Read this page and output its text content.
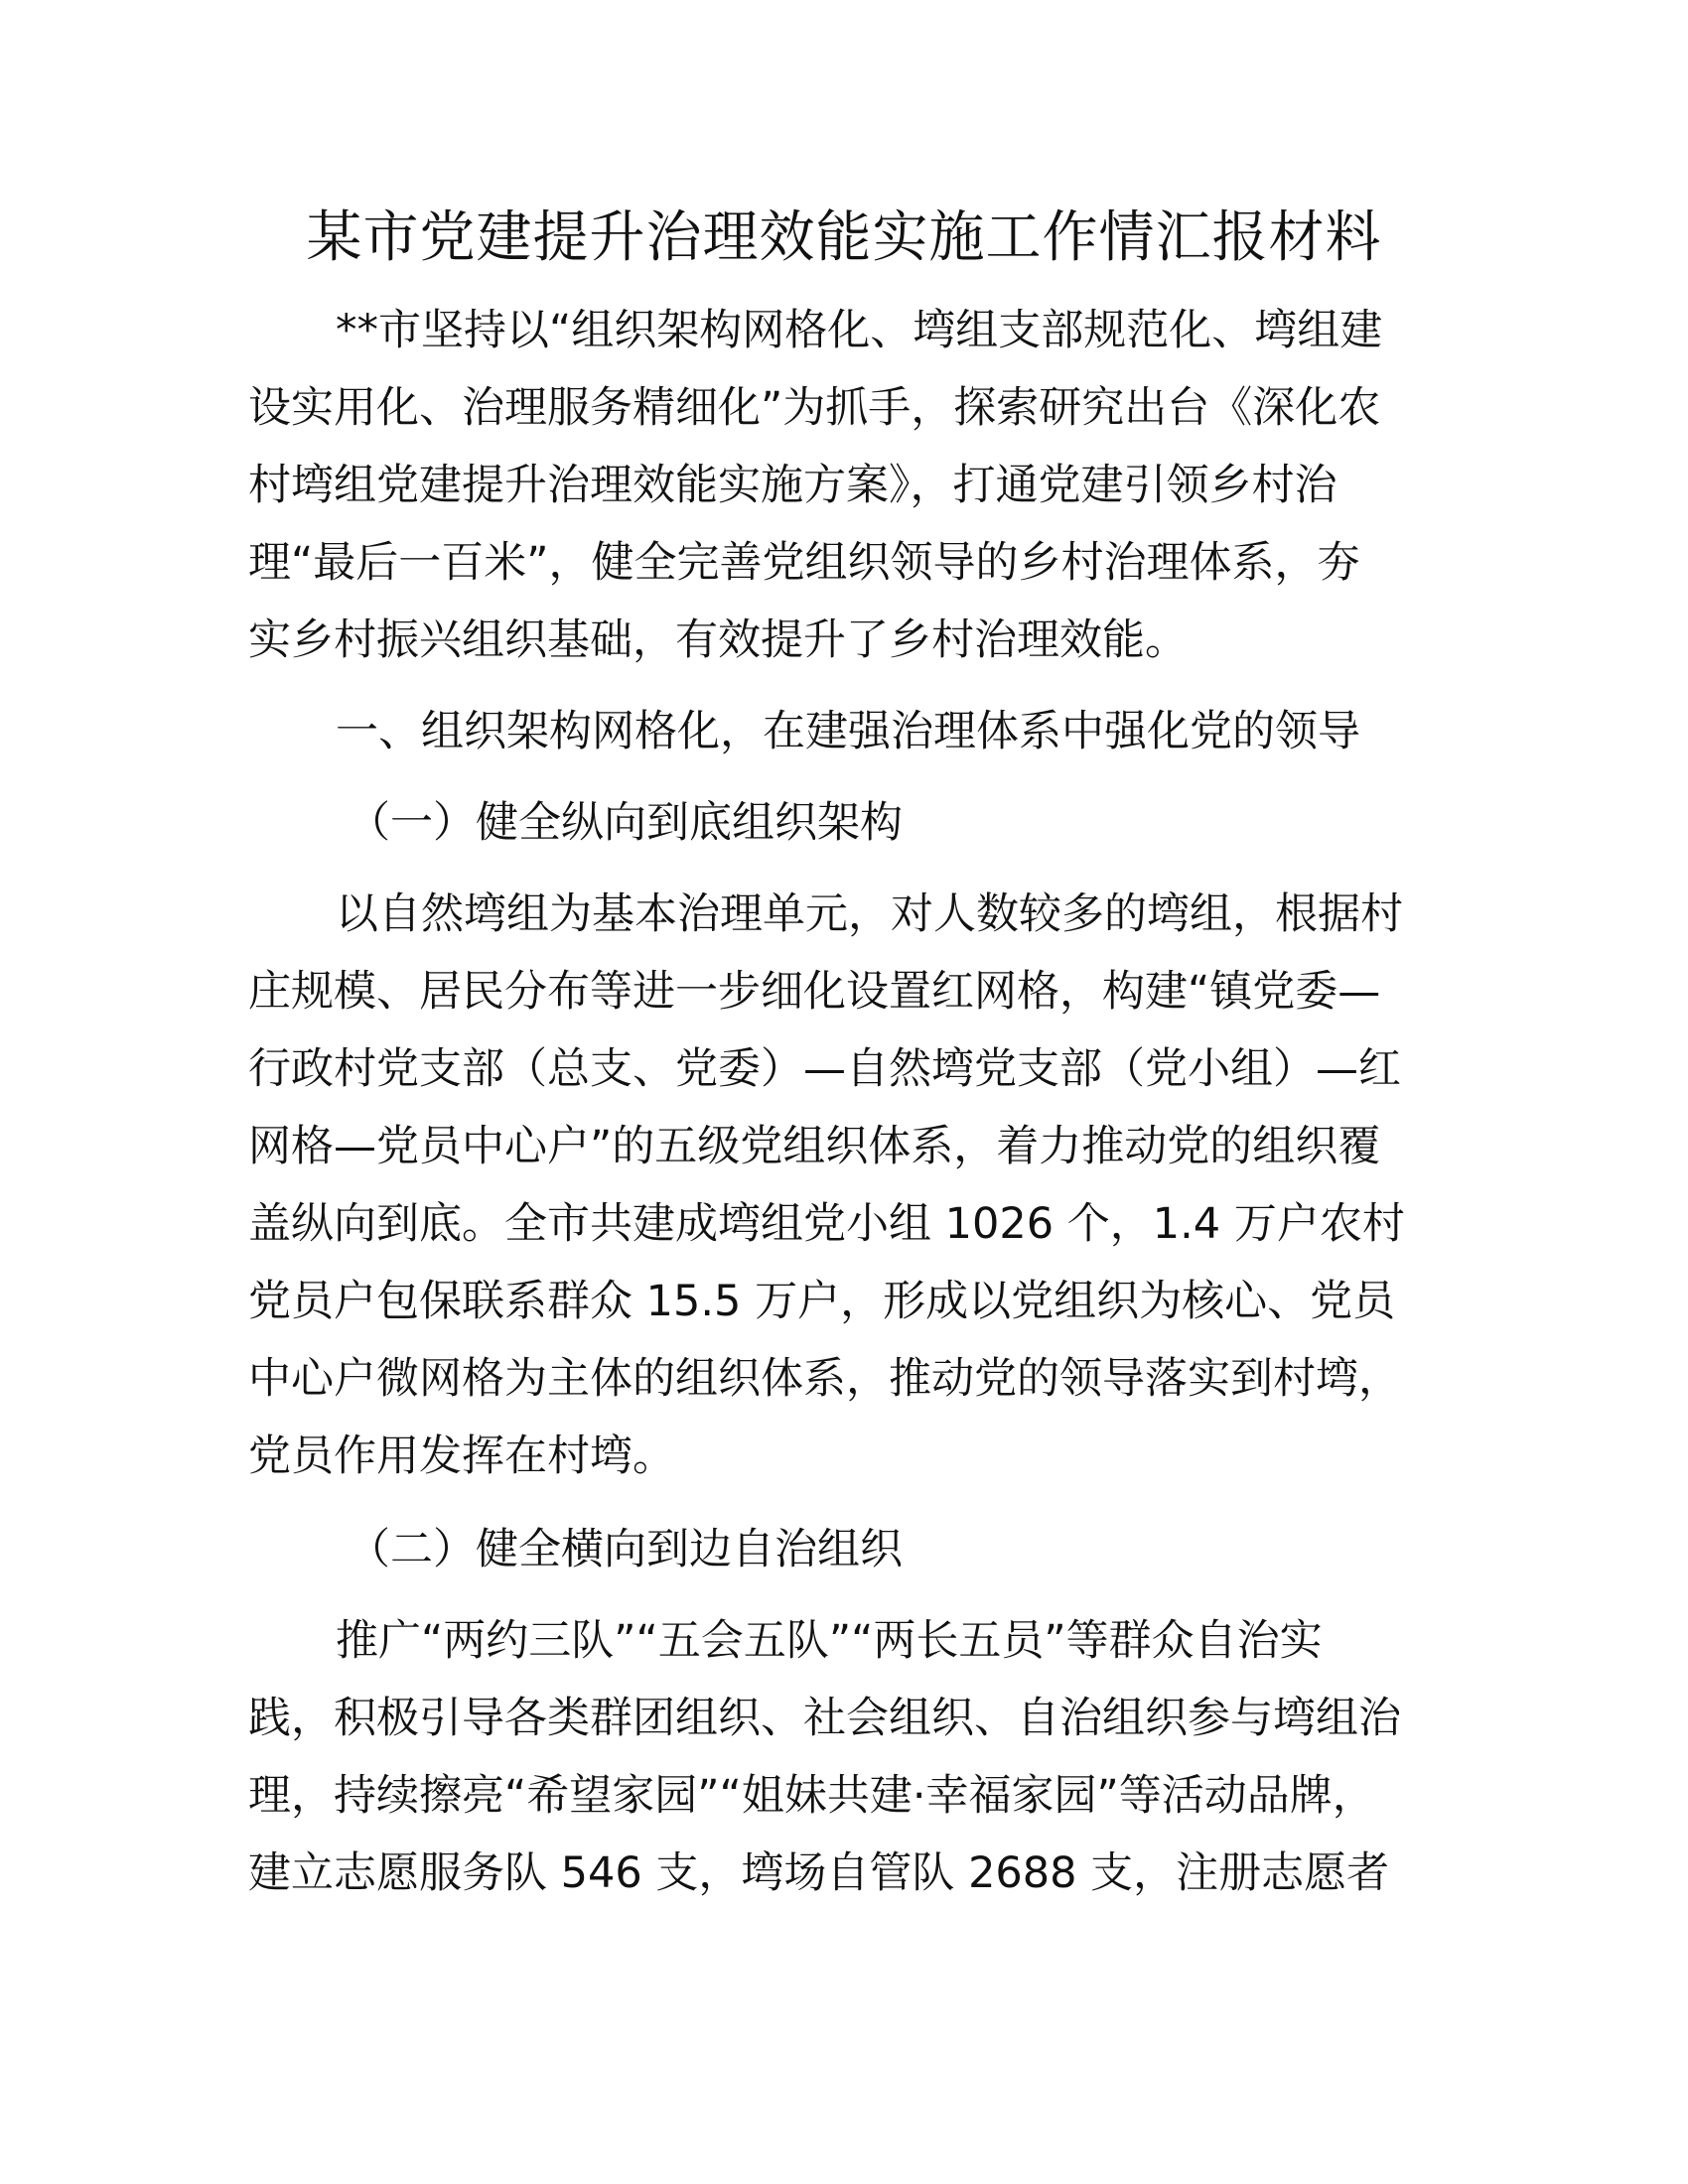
某市党建提升治理效能实施工作情汇报材料
**市坚持以“组织架构网格化、塆组支部规范化、塆组建
设实用化、治理服务精细化”为抓手，探索研究出台《深化农
村塆组党建提升治理效能实施方案》，打通党建引领乡村治
理“最后一百米”，健全完善党组织领导的乡村治理体系，夯
实乡村振兴组织基础，有效提升了乡村治理效能。
一、组织架构网格化，在建强治理体系中强化党的领导
（一）健全纵向到底组织架构
以自然塆组为基本治理单元，对人数较多的塆组，根据村
庄规模、居民分布等进一步细化设置红网格，构建“镇党委—
行政村党支部（总支、党委）—自然塆党支部（党小组）—红
网格—党员中心户”的五级党组织体系，着力推动党的组织覆
盖纵向到底。全市共建成塆组党小组 1026 个，1.4 万户农村
党员户包保联系群众 15.5 万户，形成以党组织为核心、党员
中心户微网格为主体的组织体系，推动党的领导落实到村塆，
党员作用发挥在村塆。
（二）健全横向到边自治组织
推广“两约三队”“五会五队”“两长五员”等群众自治实
践，积极引导各类群团组织、社会组织、自治组织参与塆组治
理，持续擦亮“希望家园”“姐妹共建·幸福家园”等活动品牌，
建立志愿服务队 546 支，塆场自管队 2688 支，注册志愿者
